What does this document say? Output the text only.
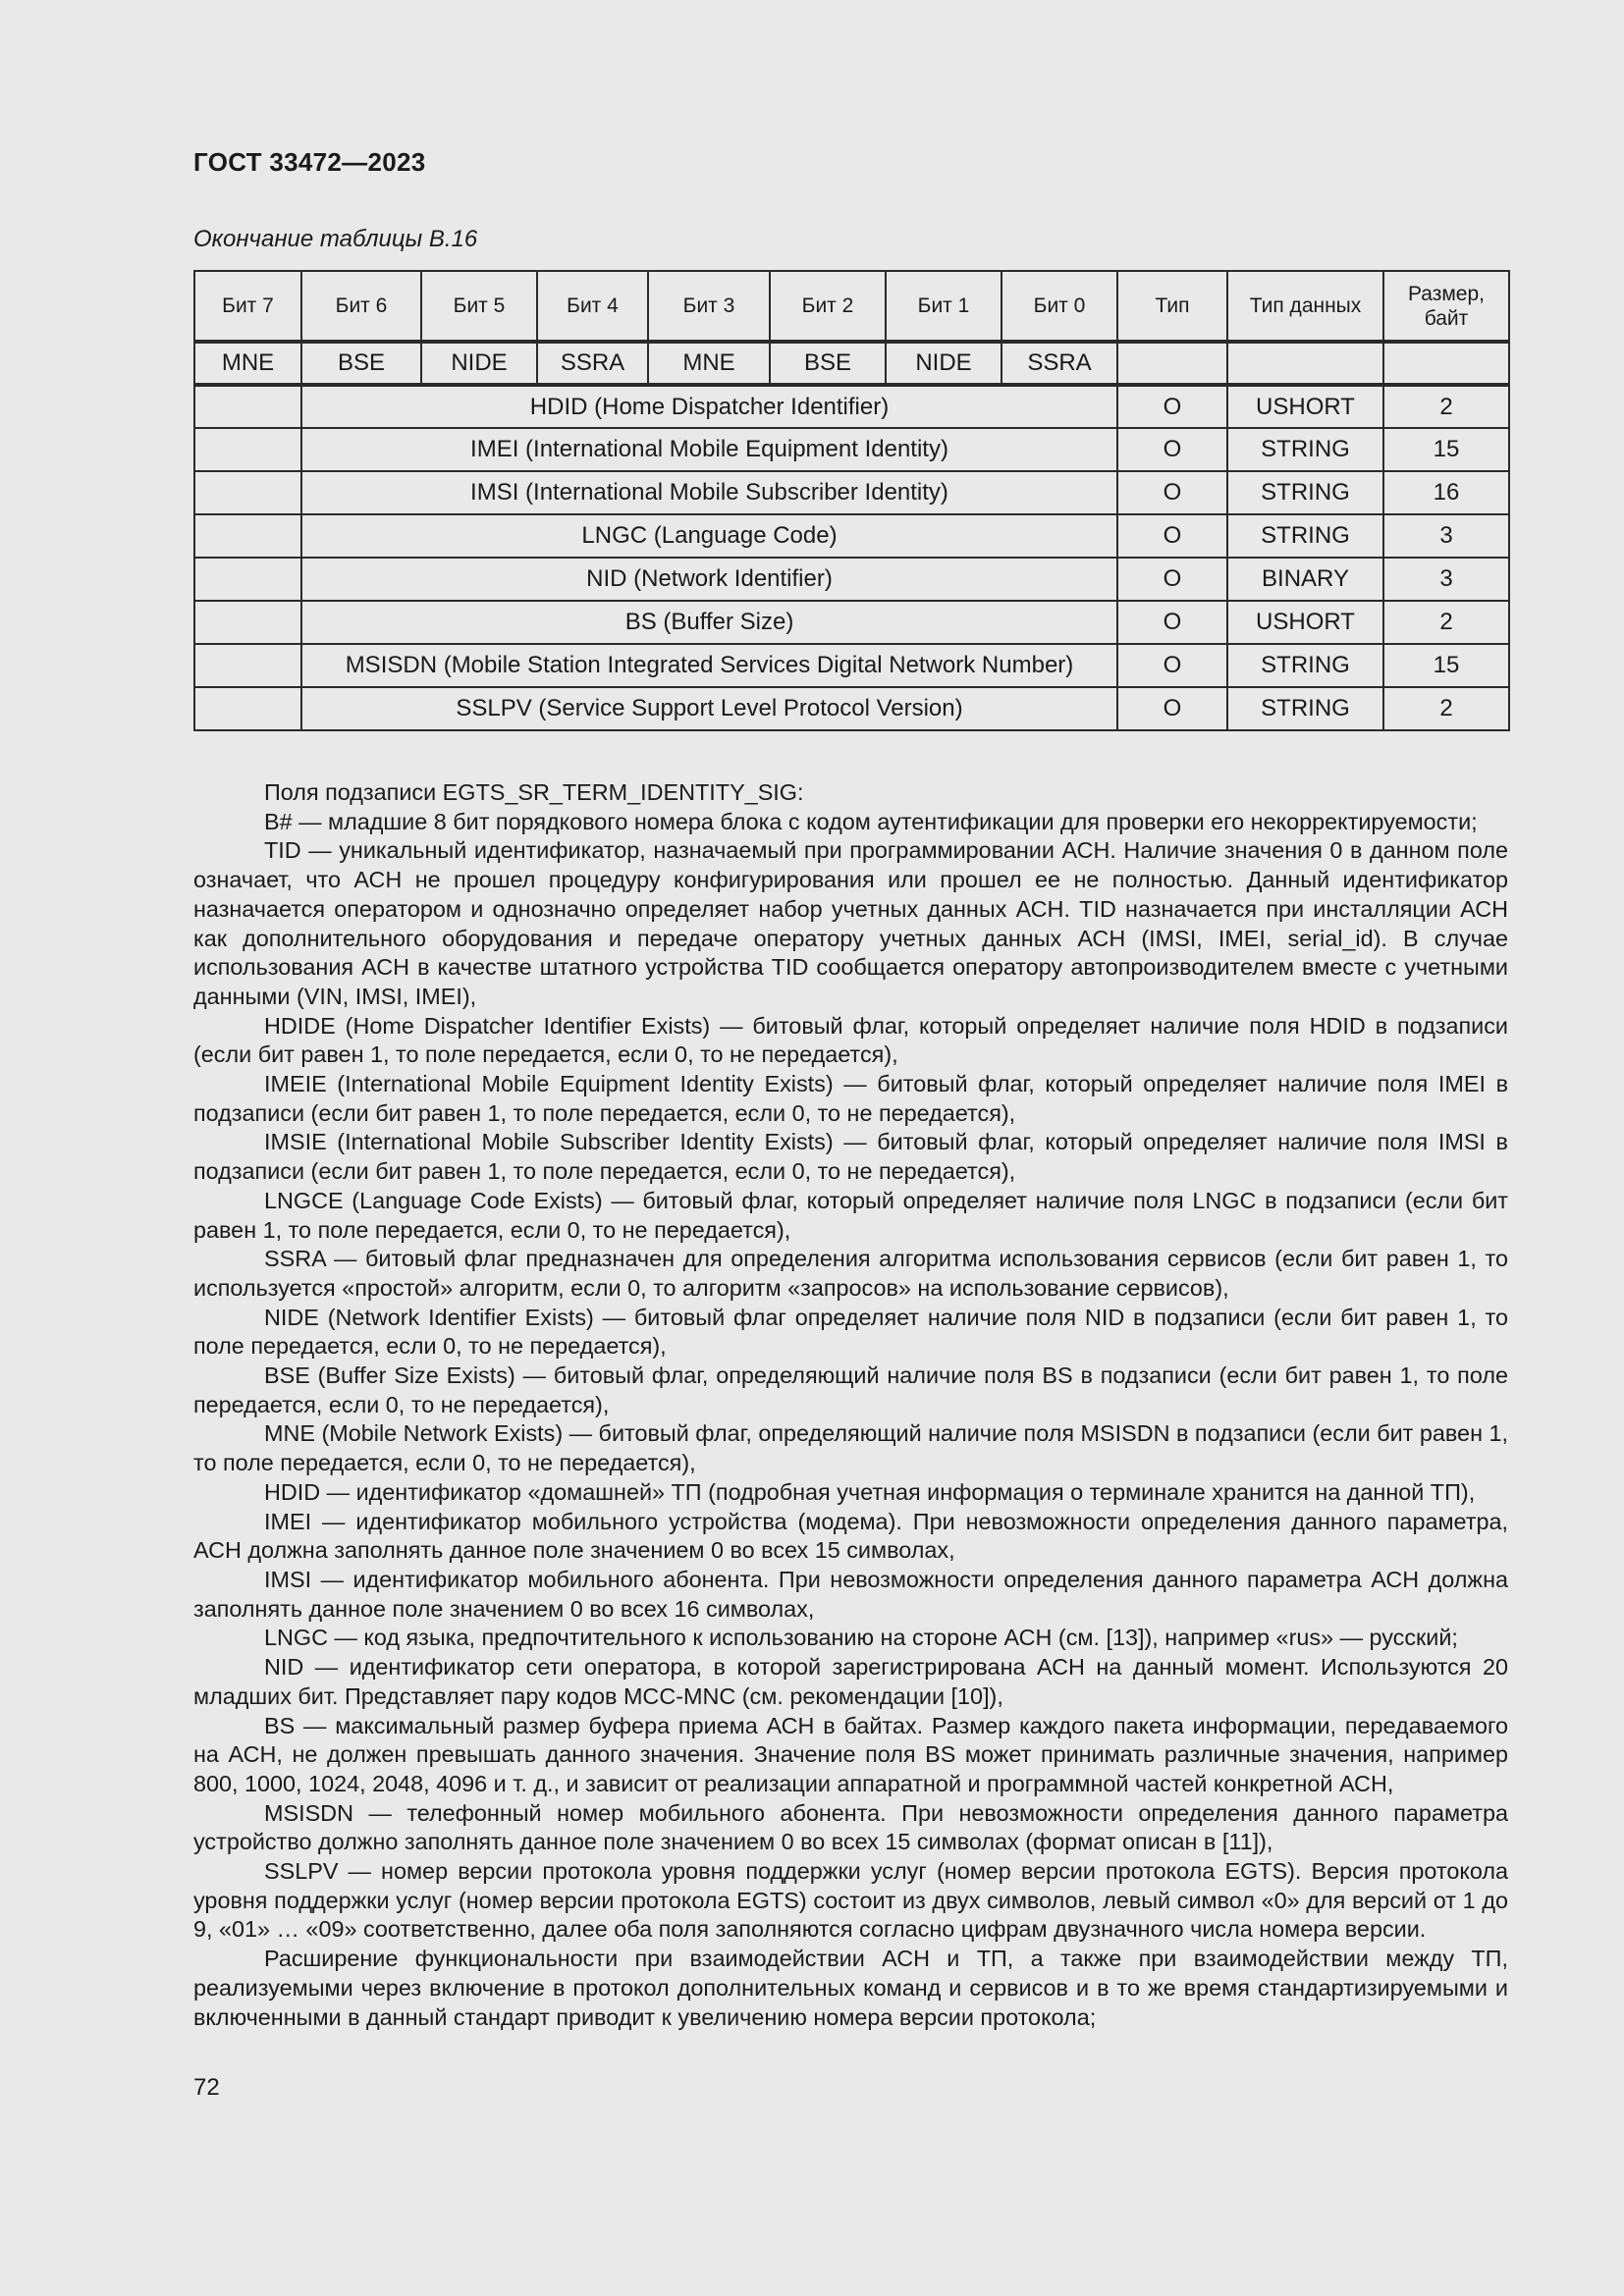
ГОСТ 33472—2023
Окончание таблицы В.16
Бит 7	Бит 6	Бит 5	Бит 4	Бит 3	Бит 2	Бит 1	Бит 0	Тип	Тип данных	Размер, байт
MNE	BSE	NIDE	SSRA	MNE	BSE	NIDE	SSRA			
	HDID (Home Dispatcher Identifier)							O	USHORT	2
	IMEI (International Mobile Equipment Identity)							O	STRING	15
	IMSI (International Mobile Subscriber Identity)							O	STRING	16
	LNGC (Language Code)							O	STRING	3
	NID (Network Identifier)							O	BINARY	3
	BS (Buffer Size)							O	USHORT	2
	MSISDN (Mobile Station Integrated Services Digital Network Number)							O	STRING	15
	SSLPV (Service Support Level Protocol Version)							O	STRING	2

Поля подзаписи EGTS_SR_TERM_IDENTITY_SIG:

B# — младшие 8 бит порядкового номера блока с кодом аутентификации для проверки его некорректируемости;

TID — уникальный идентификатор, назначаемый при программировании АСН. Наличие значения 0 в данном поле означает, что АСН не прошел процедуру конфигурирования или прошел ее не полностью. Данный идентификатор назначается оператором и однозначно определяет набор учетных данных АСН. TID назначается при инсталляции АСН как дополнительного оборудования и передаче оператору учетных данных АСН (IMSI, IMEI, serial_id). В случае использования АСН в качестве штатного устройства TID сообщается оператору автопроизводителем вместе с учетными данными (VIN, IMSI, IMEI),

HDIDE (Home Dispatcher Identifier Exists) — битовый флаг, который определяет наличие поля HDID в подзаписи (если бит равен 1, то поле передается, если 0, то не передается),

IMEIE (International Mobile Equipment Identity Exists) — битовый флаг, который определяет наличие поля IMEI в подзаписи (если бит равен 1, то поле передается, если 0, то не передается),

IMSIE (International Mobile Subscriber Identity Exists) — битовый флаг, который определяет наличие поля IMSI в подзаписи (если бит равен 1, то поле передается, если 0, то не передается),

LNGCE (Language Code Exists) — битовый флаг, который определяет наличие поля LNGC в подзаписи (если бит равен 1, то поле передается, если 0, то не передается),

SSRA — битовый флаг предназначен для определения алгоритма использования сервисов (если бит равен 1, то используется «простой» алгоритм, если 0, то алгоритм «запросов» на использование сервисов),

NIDE (Network Identifier Exists) — битовый флаг определяет наличие поля NID в подзаписи (если бит равен 1, то поле передается, если 0, то не передается),

BSE (Buffer Size Exists) — битовый флаг, определяющий наличие поля BS в подзаписи (если бит равен 1, то поле передается, если 0, то не передается),

MNE (Mobile Network Exists) — битовый флаг, определяющий наличие поля MSISDN в подзаписи (если бит равен 1, то поле передается, если 0, то не передается),

HDID — идентификатор «домашней» ТП (подробная учетная информация о терминале хранится на данной ТП),

IMEI — идентификатор мобильного устройства (модема). При невозможности определения данного параметра, АСН должна заполнять данное поле значением 0 во всех 15 символах,

IMSI — идентификатор мобильного абонента. При невозможности определения данного параметра АСН должна заполнять данное поле значением 0 во всех 16 символах,

LNGC — код языка, предпочтительного к использованию на стороне АСН (см. [13]), например «rus» — русский;

NID — идентификатор сети оператора, в которой зарегистрирована АСН на данный момент. Используются 20 младших бит. Представляет пару кодов MCC-MNC (см. рекомендации [10]),

BS — максимальный размер буфера приема АСН в байтах. Размер каждого пакета информации, передаваемого на АСН, не должен превышать данного значения. Значение поля BS может принимать различные значения, например 800, 1000, 1024, 2048, 4096 и т. д., и зависит от реализации аппаратной и программной частей конкретной АСН,

MSISDN — телефонный номер мобильного абонента. При невозможности определения данного параметра устройство должно заполнять данное поле значением 0 во всех 15 символах (формат описан в [11]),

SSLPV — номер версии протокола уровня поддержки услуг (номер версии протокола EGTS). Версия протокола уровня поддержки услуг (номер версии протокола EGTS) состоит из двух символов, левый символ «0» для версий от 1 до 9, «01» … «09» соответственно, далее оба поля заполняются согласно цифрам двузначного числа номера версии.

Расширение функциональности при взаимодействии АСН и ТП, а также при взаимодействии между ТП, реализуемыми через включение в протокол дополнительных команд и сервисов и в то же время стандартизируемыми и включенными в данный стандарт приводит к увеличению номера версии протокола;

72
